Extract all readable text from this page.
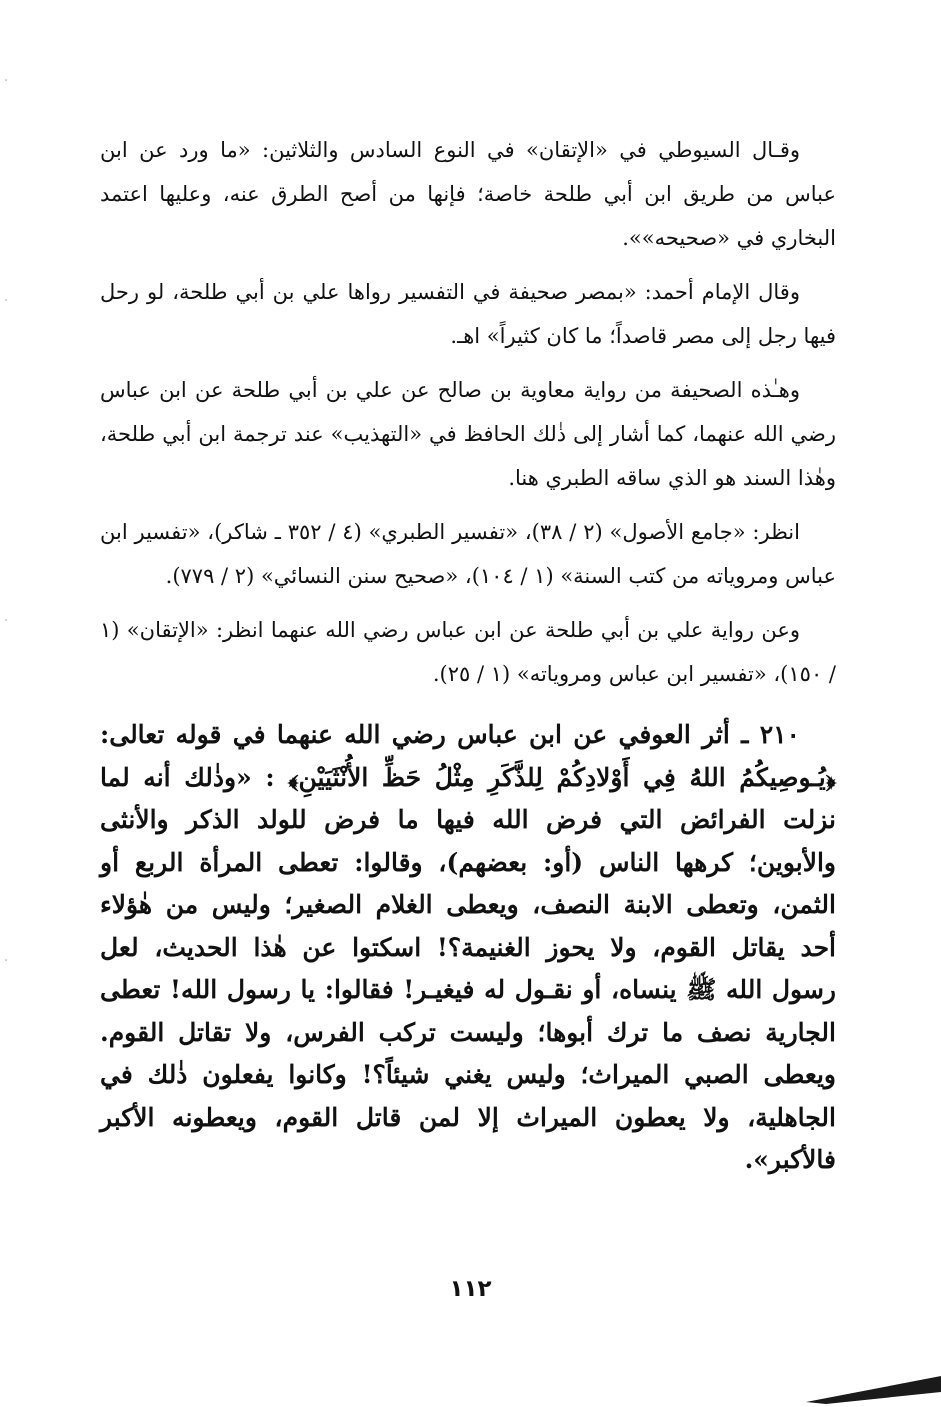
وقـال السيوطي في «الإتقان» في النوع السادس والثلاثين: «ما ورد عن ابن عباس من طريق ابن أبي طلحة خاصة؛ فإنها من أصح الطرق عنه، وعليها اعتمد البخاري في «صحيحه»».

وقال الإمام أحمد: «بمصر صحيفة في التفسير رواها علي بن أبي طلحة، لو رحل فيها رجل إلى مصر قاصداً؛ ما كان كثيراً» اهـ.

وهـٰذه الصحيفة من رواية معاوية بن صالح عن علي بن أبي طلحة عن ابن عباس رضي الله عنهما، كما أشار إلى ذٰلك الحافظ في «التهذيب» عند ترجمة ابن أبي طلحة، وهٰذا السند هو الذي ساقه الطبري هنا.

انظر: «جامع الأصول» (٢ / ٣٨)، «تفسير الطبري» (٤ / ٣٥٢ ـ شاكر)، «تفسير ابن عباس ومروياته من كتب السنة» (١ / ١٠٤)، «صحيح سنن النسائي» (٢ / ٧٧٩).

وعن رواية علي بن أبي طلحة عن ابن عباس رضي الله عنهما انظر: «الإتقان» (١ / ١٥٠)، «تفسير ابن عباس ومروياته» (١ / ٢٥).

٢١٠ ـ أثر العوفي عن ابن عباس رضي الله عنهما في قوله تعالى: ﴿يُـوصِيكُمُ اللهُ فِي أَوْلادِكُمْ لِلذَّكَرِ مِثْلُ حَظِّ الأُنْثَيَيْنِ﴾ : «وذٰلك أنه لما نزلت الفرائض التي فرض الله فيها ما فرض للولد الذكر والأنثى والأبوين؛ كرهها الناس (أو: بعضهم)، وقالوا: تعطى المرأة الربع أو الثمن، وتعطى الابنة النصف، ويعطى الغلام الصغير؛ وليس من هٰؤلاء أحد يقاتل القوم، ولا يحوز الغنيمة؟! اسكتوا عن هٰذا الحديث، لعل رسول الله ﷺ ينساه، أو نقـول له فيغيـر! فقالوا: يا رسول الله! تعطى الجارية نصف ما ترك أبوها؛ وليست تركب الفرس، ولا تقاتل القوم. ويعطى الصبي الميراث؛ وليس يغني شيئاً؟! وكانوا يفعلون ذٰلك في الجاهلية، ولا يعطون الميراث إلا لمن قاتل القوم، ويعطونه الأكبر فالأكبر».
١١٢
